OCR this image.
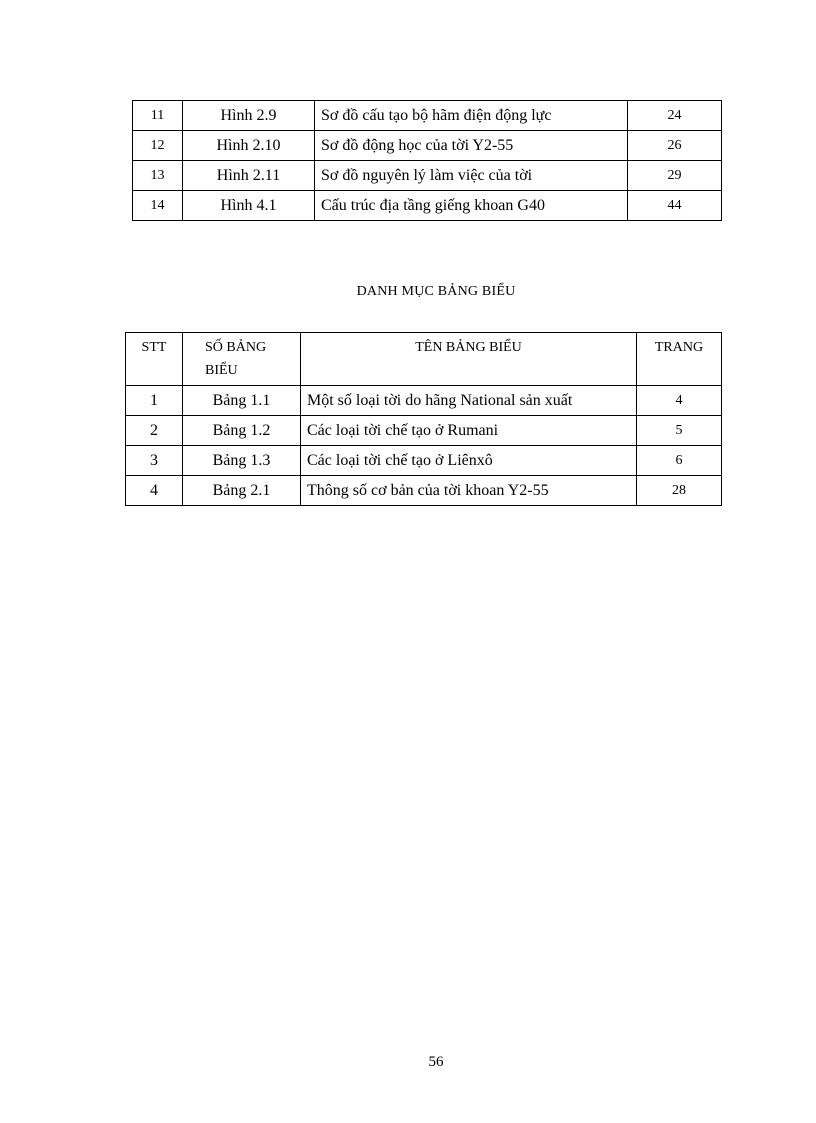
11	Hình 2.9	Sơ đồ cấu tạo bộ hãm điện động lực	24
12	Hình 2.10	Sơ đồ động học của tời Y2-55	26
13	Hình 2.11	Sơ đồ nguyên lý làm việc của tời	29
14	Hình 4.1	Cấu trúc địa tầng giếng khoan G40	44
DANH MỤC BẢNG BIỂU
STT	SỐ BẢNG BIỂU	TÊN BẢNG BIỂU	TRANG
1	Bảng 1.1	Một số loại tời do hãng National sản xuất	4
2	Bảng 1.2	Các loại tời chế tạo ở Rumani	5
3	Bảng 1.3	Các loại tời chế tạo ở Liênxô	6
4	Bảng 2.1	Thông số cơ bản của tời khoan Y2-55	28
56
